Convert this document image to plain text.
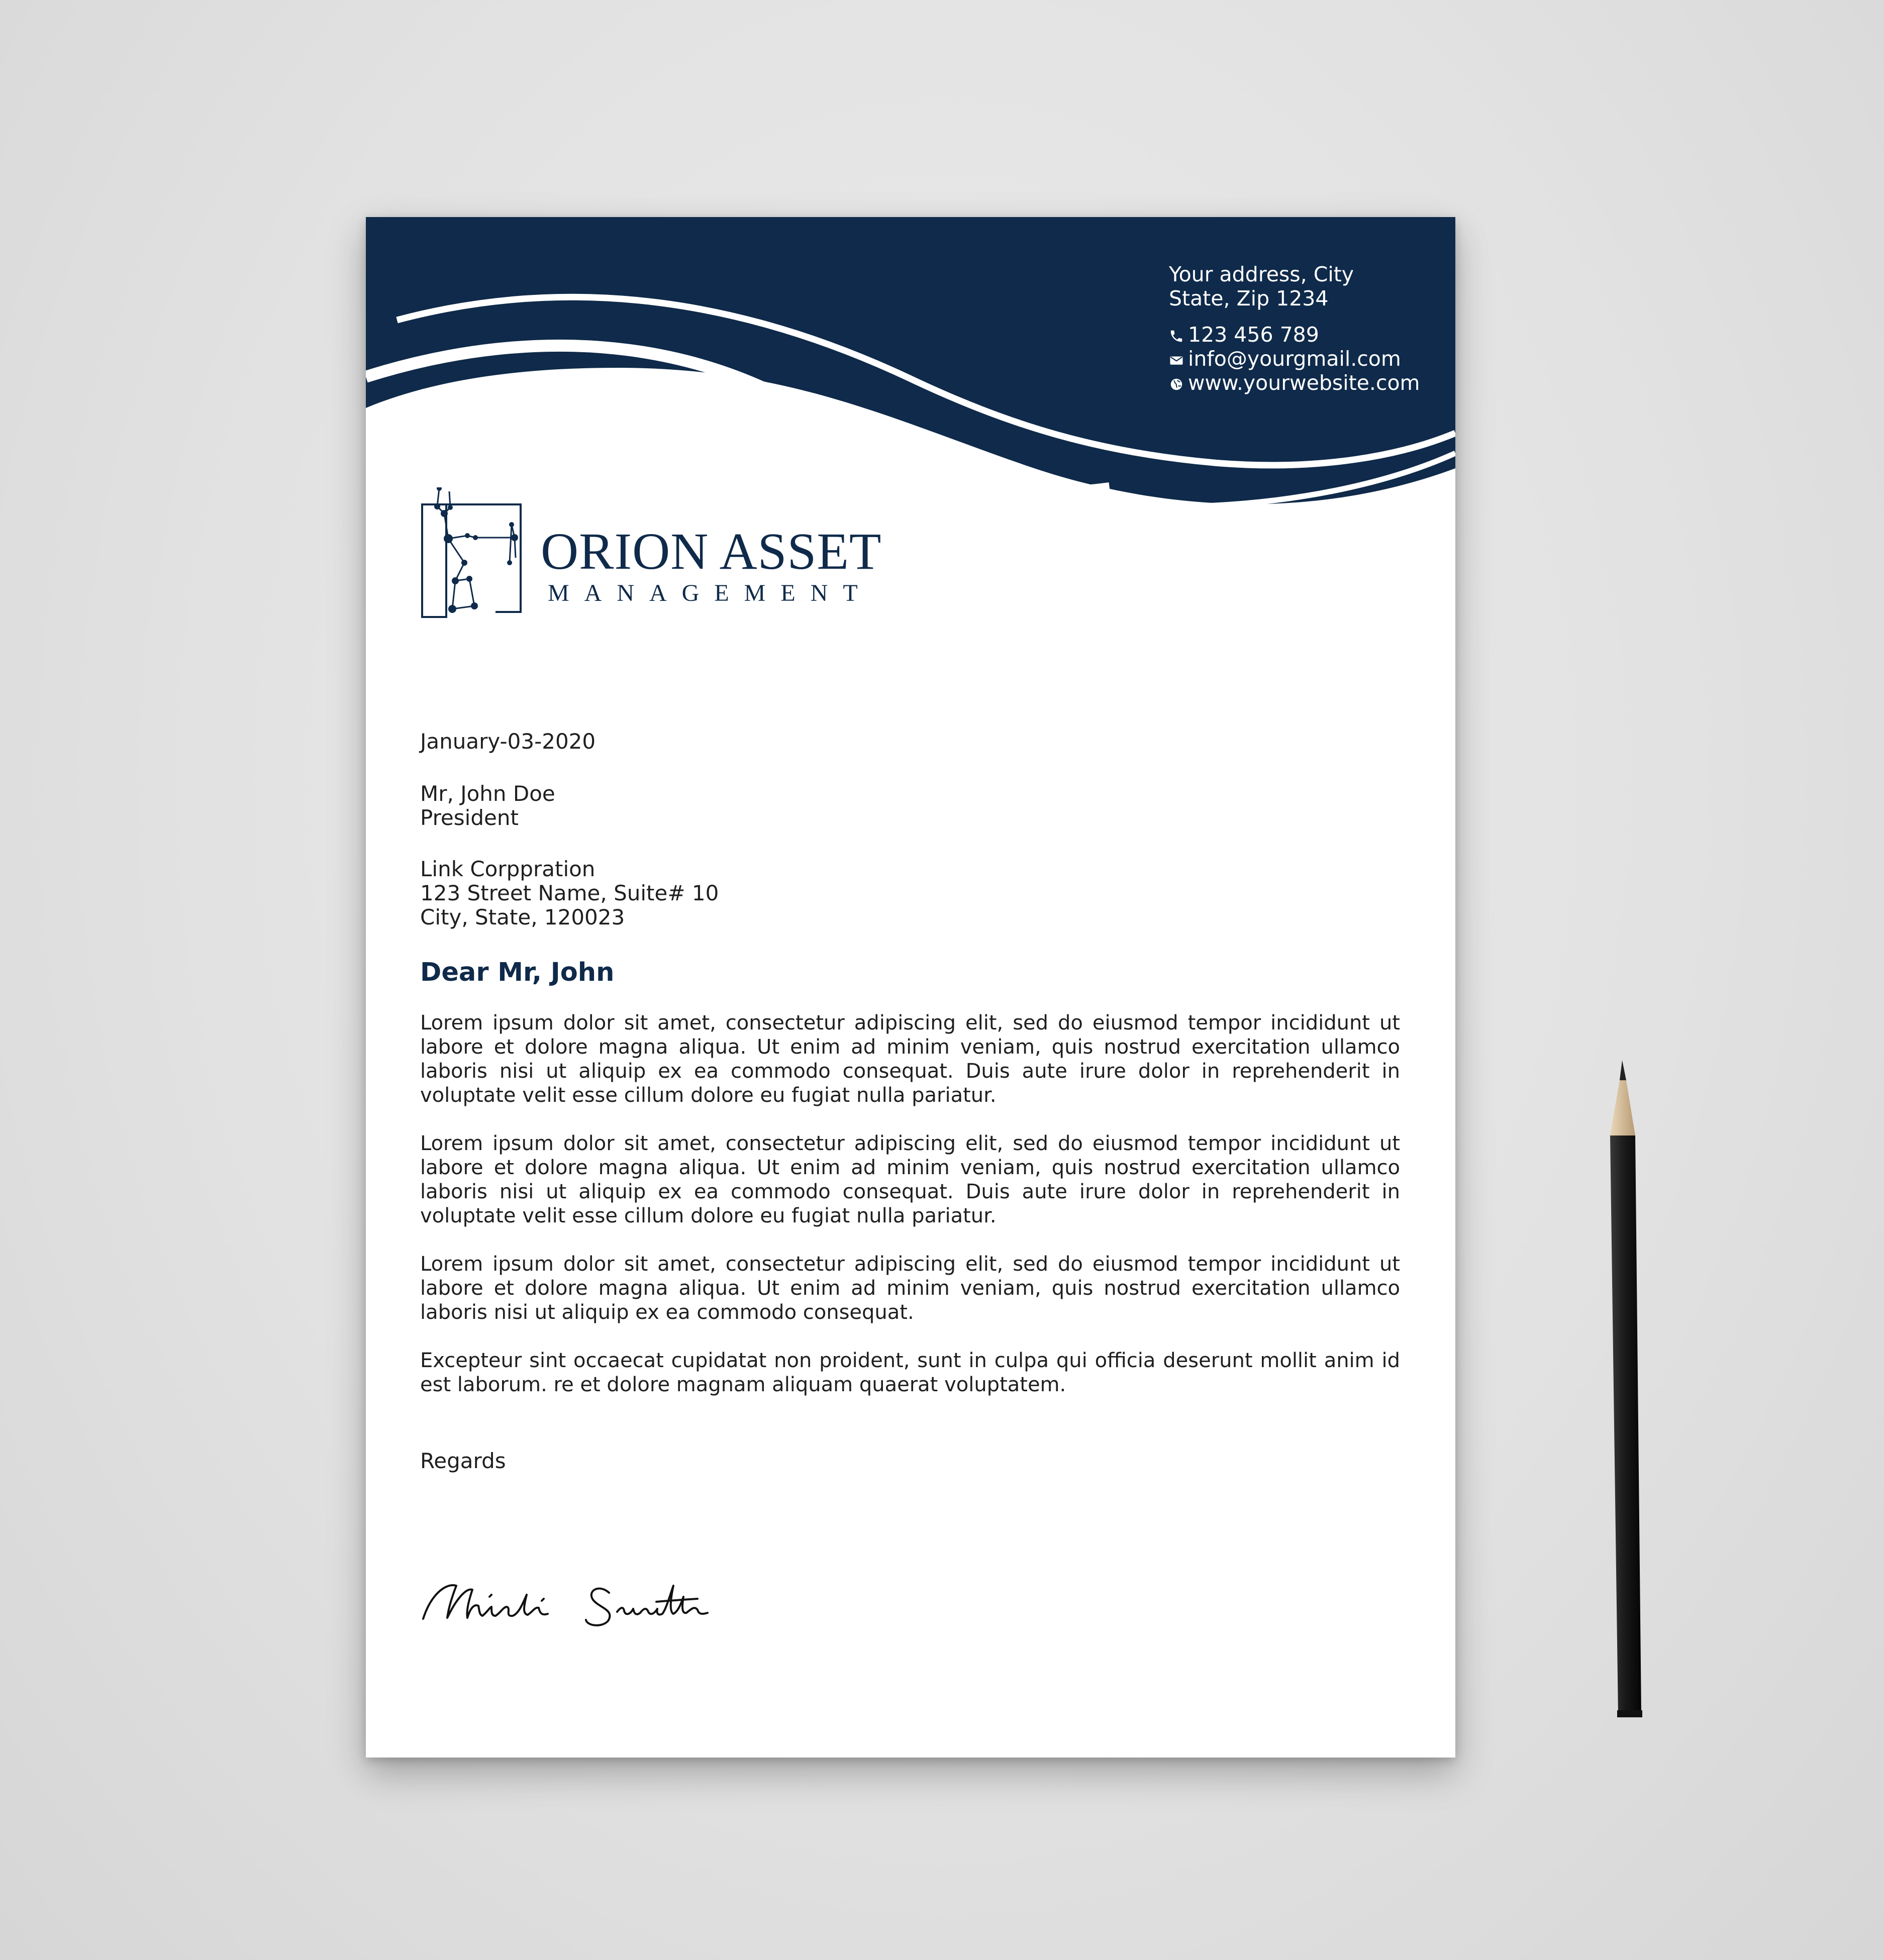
Your address, City
State, Zip 1234
123 456 789
info@yourgmail.com
www.yourwebsite.com
ORION ASSET
MANAGEMENT
January-03-2020
Mr, John Doe
President
Link Corppration
123 Street Name, Suite# 10
City, State, 120023
Dear Mr, John
Lorem ipsum dolor sit amet, consectetur adipiscing elit, sed do eiusmod tempor incididunt ut labore et dolore magna aliqua. Ut enim ad minim veniam, quis nostrud exercitation ullamco laboris nisi ut aliquip ex ea commodo consequat. Duis aute irure dolor in reprehenderit in voluptate velit esse cillum dolore eu fugiat nulla pariatur.
Lorem ipsum dolor sit amet, consectetur adipiscing elit, sed do eiusmod tempor incididunt ut labore et dolore magna aliqua. Ut enim ad minim veniam, quis nostrud exercitation ullamco laboris nisi ut aliquip ex ea commodo consequat. Duis aute irure dolor in reprehenderit in voluptate velit esse cillum dolore eu fugiat nulla pariatur.
Lorem ipsum dolor sit amet, consectetur adipiscing elit, sed do eiusmod tempor incididunt ut labore et dolore magna aliqua. Ut enim ad minim veniam, quis nostrud exercitation ullamco laboris nisi ut aliquip ex ea commodo consequat.
Excepteur sint occaecat cupidatat non proident, sunt in culpa qui officia deserunt mollit anim id est laborum. re et dolore magnam aliquam quaerat voluptatem.
Regards
